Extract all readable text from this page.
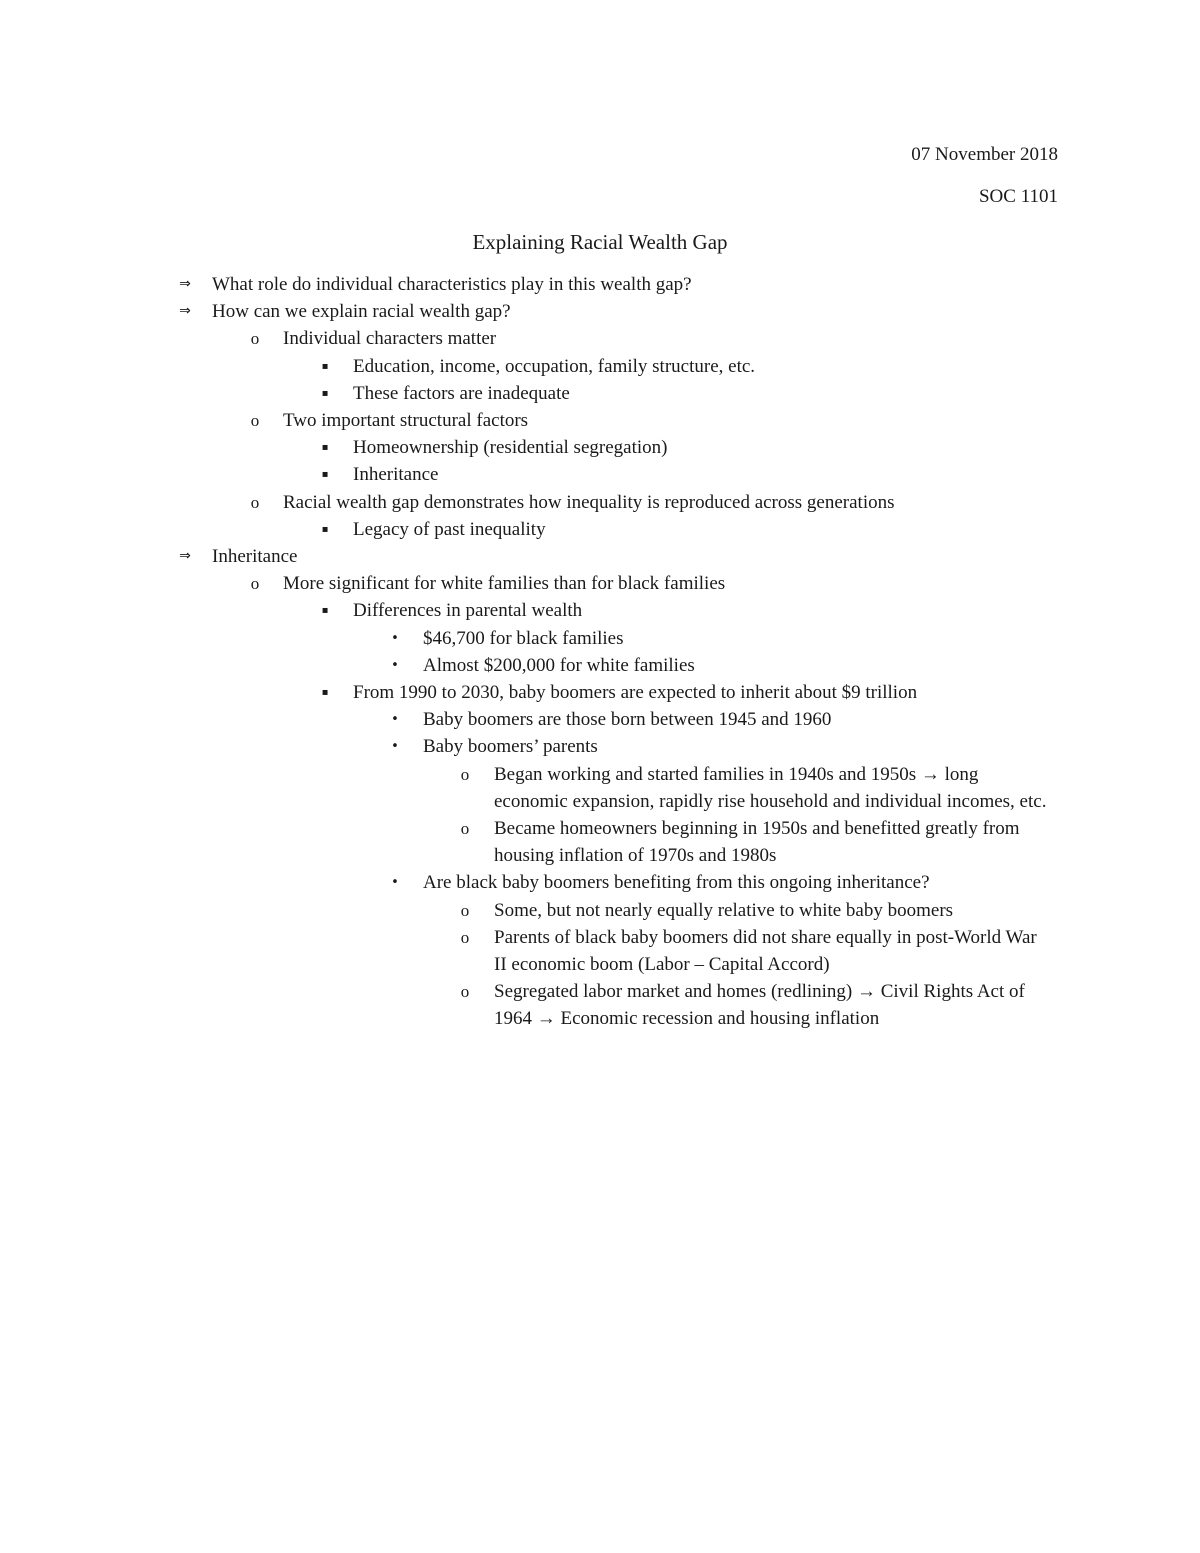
07 November 2018
SOC 1101
Explaining Racial Wealth Gap
⇒	What role do individual characteristics play in this wealth gap?
⇒	How can we explain racial wealth gap?
o	Individual characters matter
▪	Education, income, occupation, family structure, etc.
▪	These factors are inadequate
o	Two important structural factors
▪	Homeownership (residential segregation)
▪	Inheritance
o	Racial wealth gap demonstrates how inequality is reproduced across generations
▪	Legacy of past inequality
⇒	Inheritance
o	More significant for white families than for black families
▪	Differences in parental wealth
•	$46,700 for black families
•	Almost $200,000 for white families
▪	From 1990 to 2030, baby boomers are expected to inherit about $9 trillion
•	Baby boomers are those born between 1945 and 1960
•	Baby boomers’ parents
o	Began working and started families in 1940s and 1950s → long economic expansion, rapidly rise household and individual incomes, etc.
o	Became homeowners beginning in 1950s and benefitted greatly from housing inflation of 1970s and 1980s
•	Are black baby boomers benefiting from this ongoing inheritance?
o	Some, but not nearly equally relative to white baby boomers
o	Parents of black baby boomers did not share equally in post-World War II economic boom (Labor – Capital Accord)
o	Segregated labor market and homes (redlining) → Civil Rights Act of 1964 → Economic recession and housing inflation
